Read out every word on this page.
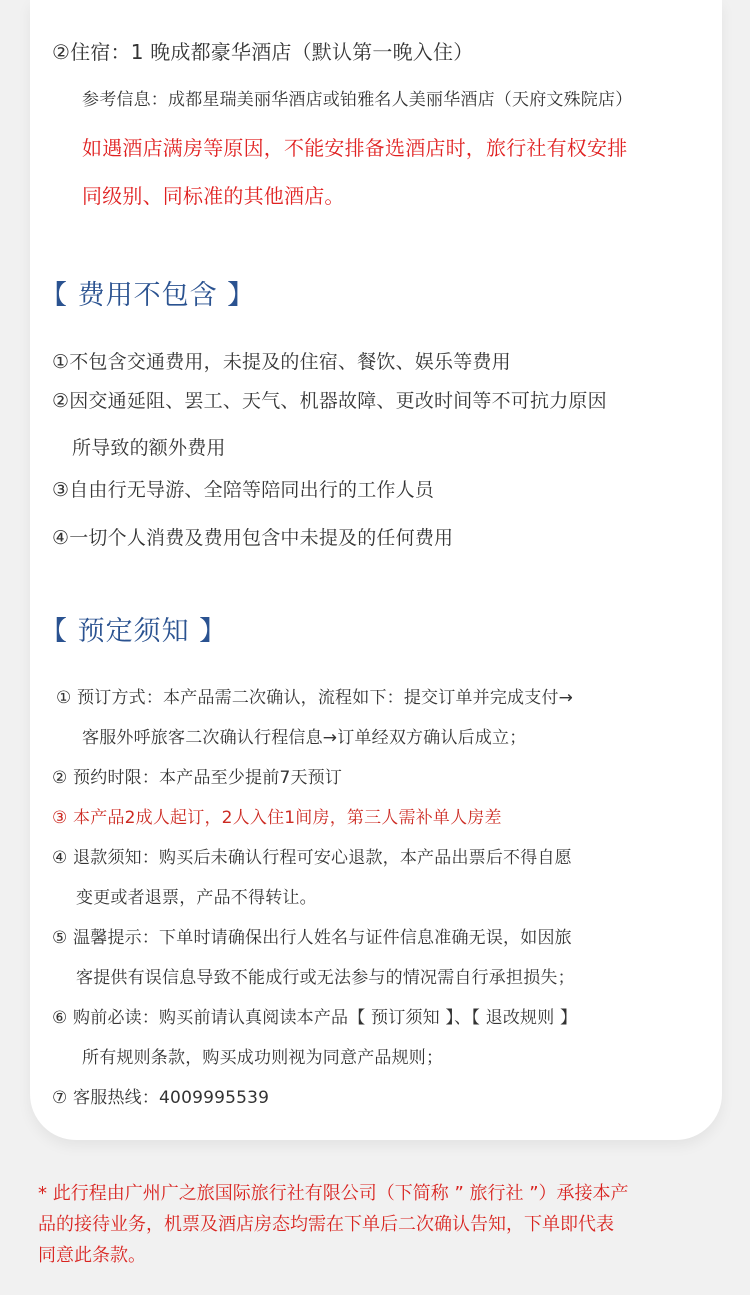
②住宿：1 晚成都豪华酒店（默认第一晚入住）
参考信息：成都星瑞美丽华酒店或铂雅名人美丽华酒店（天府文殊院店）
如遇酒店满房等原因，不能安排备选酒店时，旅行社有权安排
同级别、同标准的其他酒店。
【 费用不包含 】
①不包含交通费用，未提及的住宿、餐饮、娱乐等费用
②因交通延阻、罢工、天气、机器故障、更改时间等不可抗力原因
所导致的额外费用
③自由行无导游、全陪等陪同出行的工作人员
④一切个人消费及费用包含中未提及的任何费用
【 预定须知 】
① 预订方式：本产品需二次确认，流程如下：提交订单并完成支付→
客服外呼旅客二次确认行程信息→订单经双方确认后成立；
② 预约时限：本产品至少提前7天预订
③ 本产品2成人起订，2人入住1间房，第三人需补单人房差
④ 退款须知：购买后未确认行程可安心退款，本产品出票后不得自愿
变更或者退票，产品不得转让。
⑤ 温馨提示：下单时请确保出行人姓名与证件信息准确无误，如因旅
客提供有误信息导致不能成行或无法参与的情况需自行承担损失；
⑥ 购前必读：购买前请认真阅读本产品【 预订须知 】、【 退改规则 】
所有规则条款，购买成功则视为同意产品规则；
⑦ 客服热线：4009995539

* 此行程由广州广之旅国际旅行社有限公司（下简称 ” 旅行社 ”）承接本产

品的接待业务，机票及酒店房态均需在下单后二次确认告知，下单即代表

同意此条款。
